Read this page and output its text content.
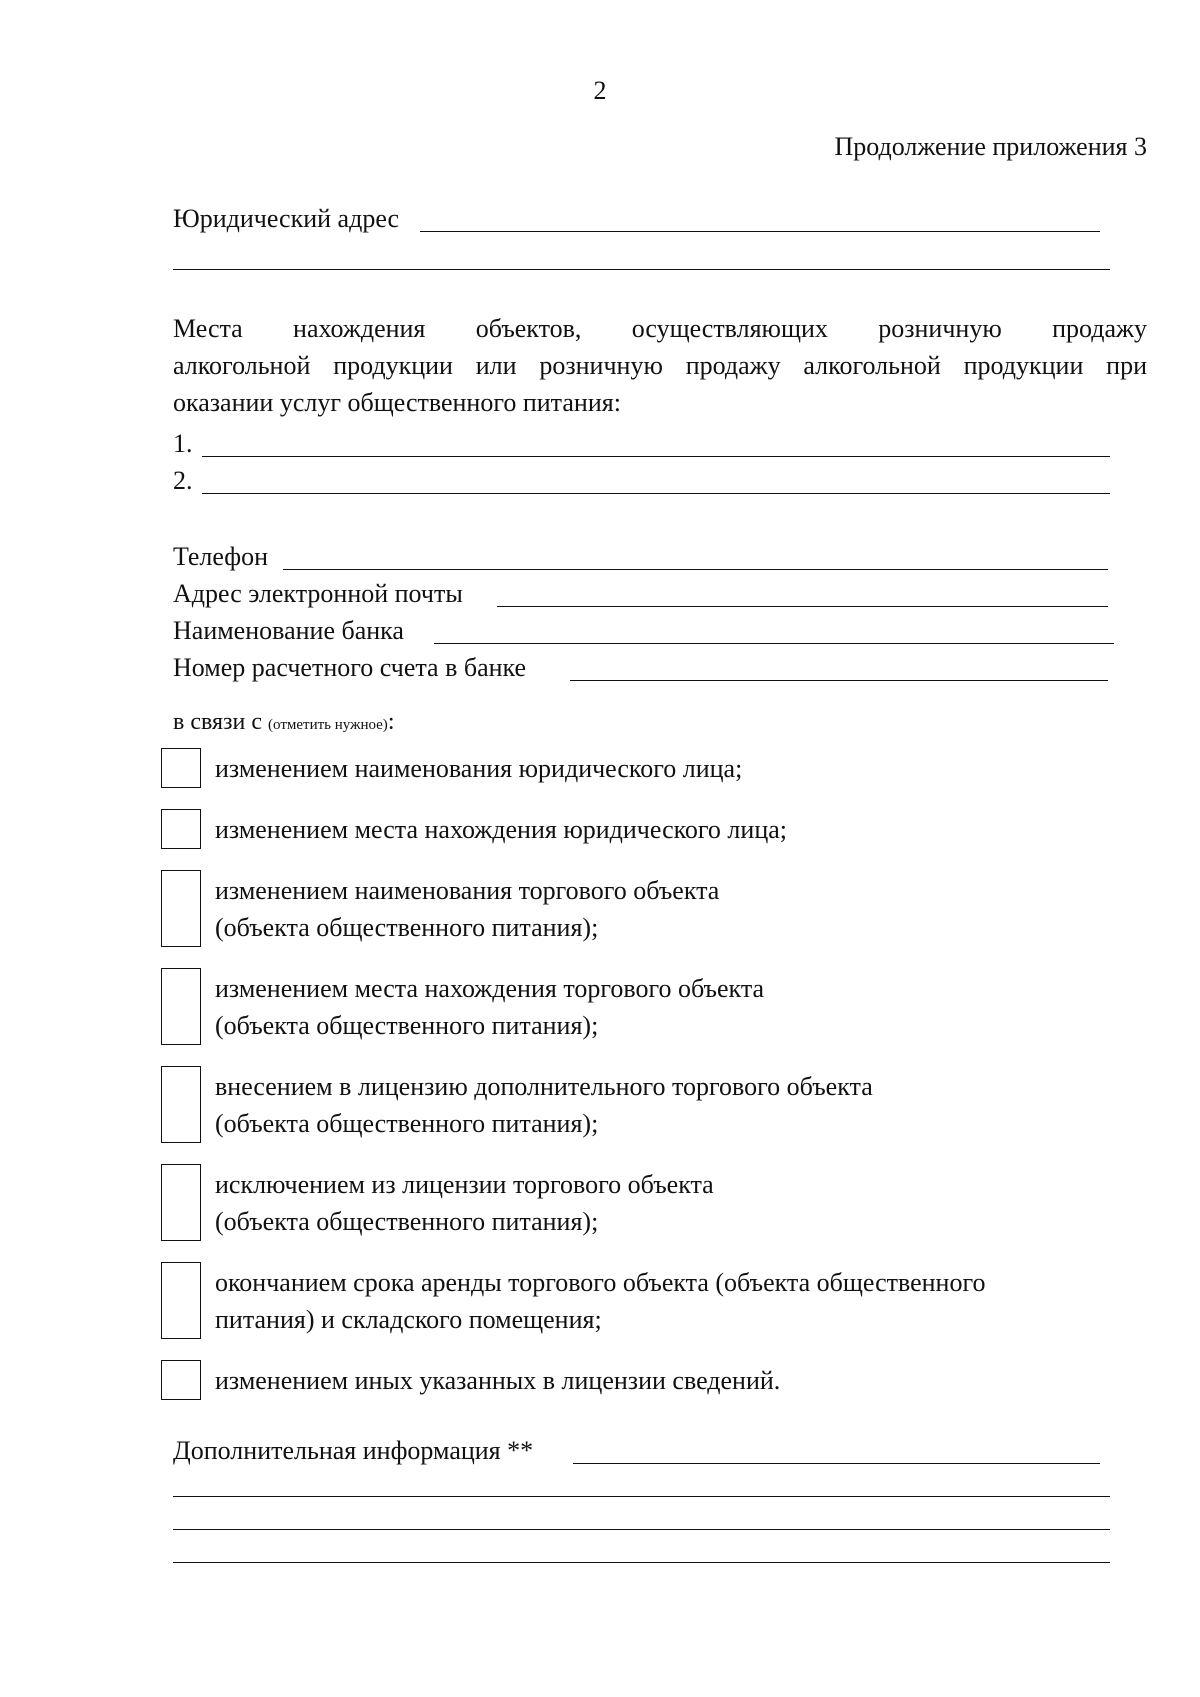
2
Продолжение приложения 3
Юридический адрес
Места нахождения объектов, осуществляющих розничную продажу
алкогольной продукции или розничную продажу алкогольной продукции при
оказании услуг общественного питания:
1.
2.
Телефон
Адрес электронной почты
Наименование банка
Номер расчетного счета в банке
в связи с (отметить нужное):
изменением наименования юридического лица;
изменением места нахождения юридического лица;
изменением наименования торгового объекта
(объекта общественного питания);
изменением места нахождения торгового объекта
(объекта общественного питания);
внесением в лицензию дополнительного торгового объекта
(объекта общественного питания);
исключением из лицензии торгового объекта
(объекта общественного питания);
окончанием срока аренды торгового объекта (объекта общественного
питания) и складского помещения;
изменением иных указанных в лицензии сведений.
Дополнительная информация **
